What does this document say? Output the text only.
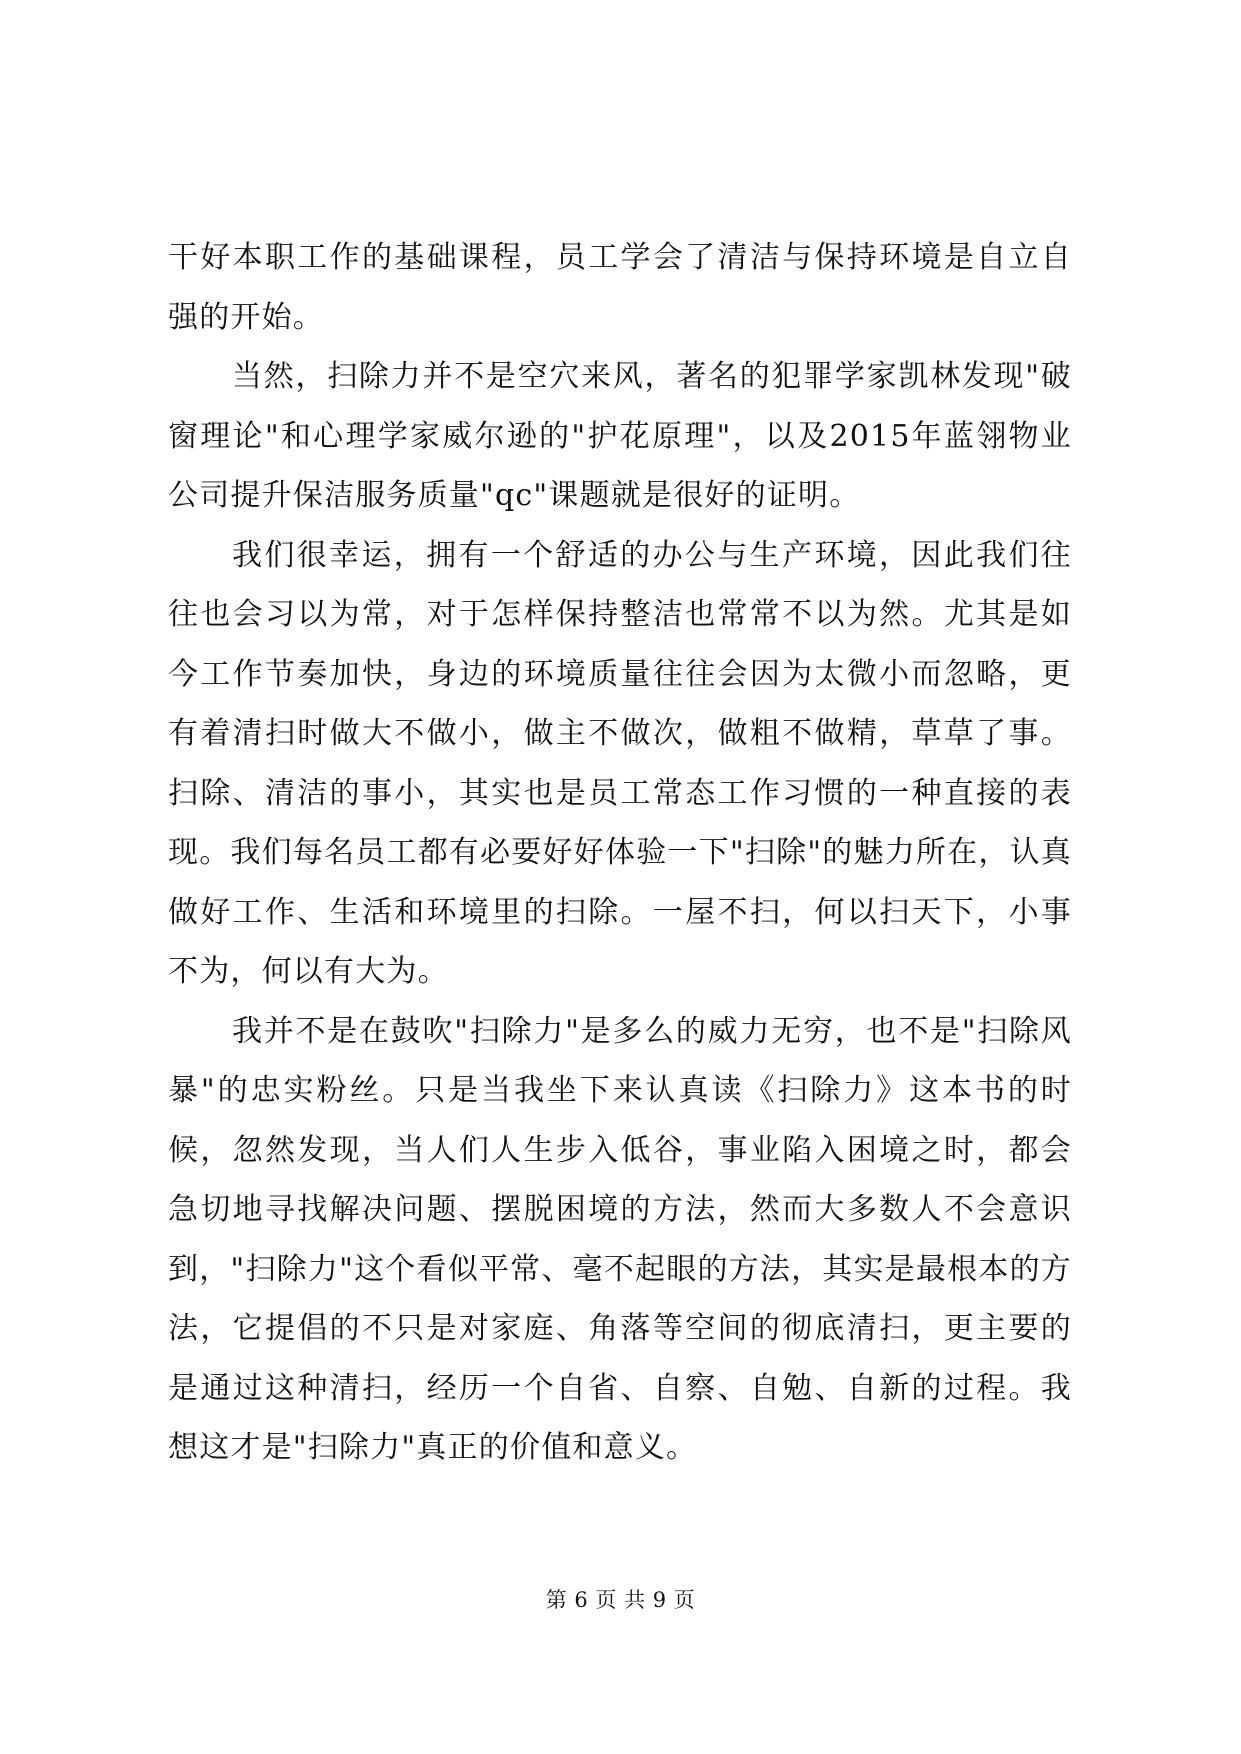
干好本职工作的基础课程，员工学会了清洁与保持环境是自立自强的开始。

当然，扫除力并不是空穴来风，著名的犯罪学家凯林发现"破窗理论"和心理学家威尔逊的"护花原理"，以及2015年蓝翎物业公司提升保洁服务质量"qc"课题就是很好的证明。

我们很幸运，拥有一个舒适的办公与生产环境，因此我们往往也会习以为常，对于怎样保持整洁也常常不以为然。尤其是如今工作节奏加快，身边的环境质量往往会因为太微小而忽略，更有着清扫时做大不做小，做主不做次，做粗不做精，草草了事。扫除、清洁的事小，其实也是员工常态工作习惯的一种直接的表现。我们每名员工都有必要好好体验一下"扫除"的魅力所在，认真做好工作、生活和环境里的扫除。一屋不扫，何以扫天下，小事不为，何以有大为。

我并不是在鼓吹"扫除力"是多么的威力无穷，也不是"扫除风暴"的忠实粉丝。只是当我坐下来认真读《扫除力》这本书的时候，忽然发现，当人们人生步入低谷，事业陷入困境之时，都会急切地寻找解决问题、摆脱困境的方法，然而大多数人不会意识到，"扫除力"这个看似平常、毫不起眼的方法，其实是最根本的方法，它提倡的不只是对家庭、角落等空间的彻底清扫，更主要的是通过这种清扫，经历一个自省、自察、自勉、自新的过程。我想这才是"扫除力"真正的价值和意义。

第 6 页 共 9 页
